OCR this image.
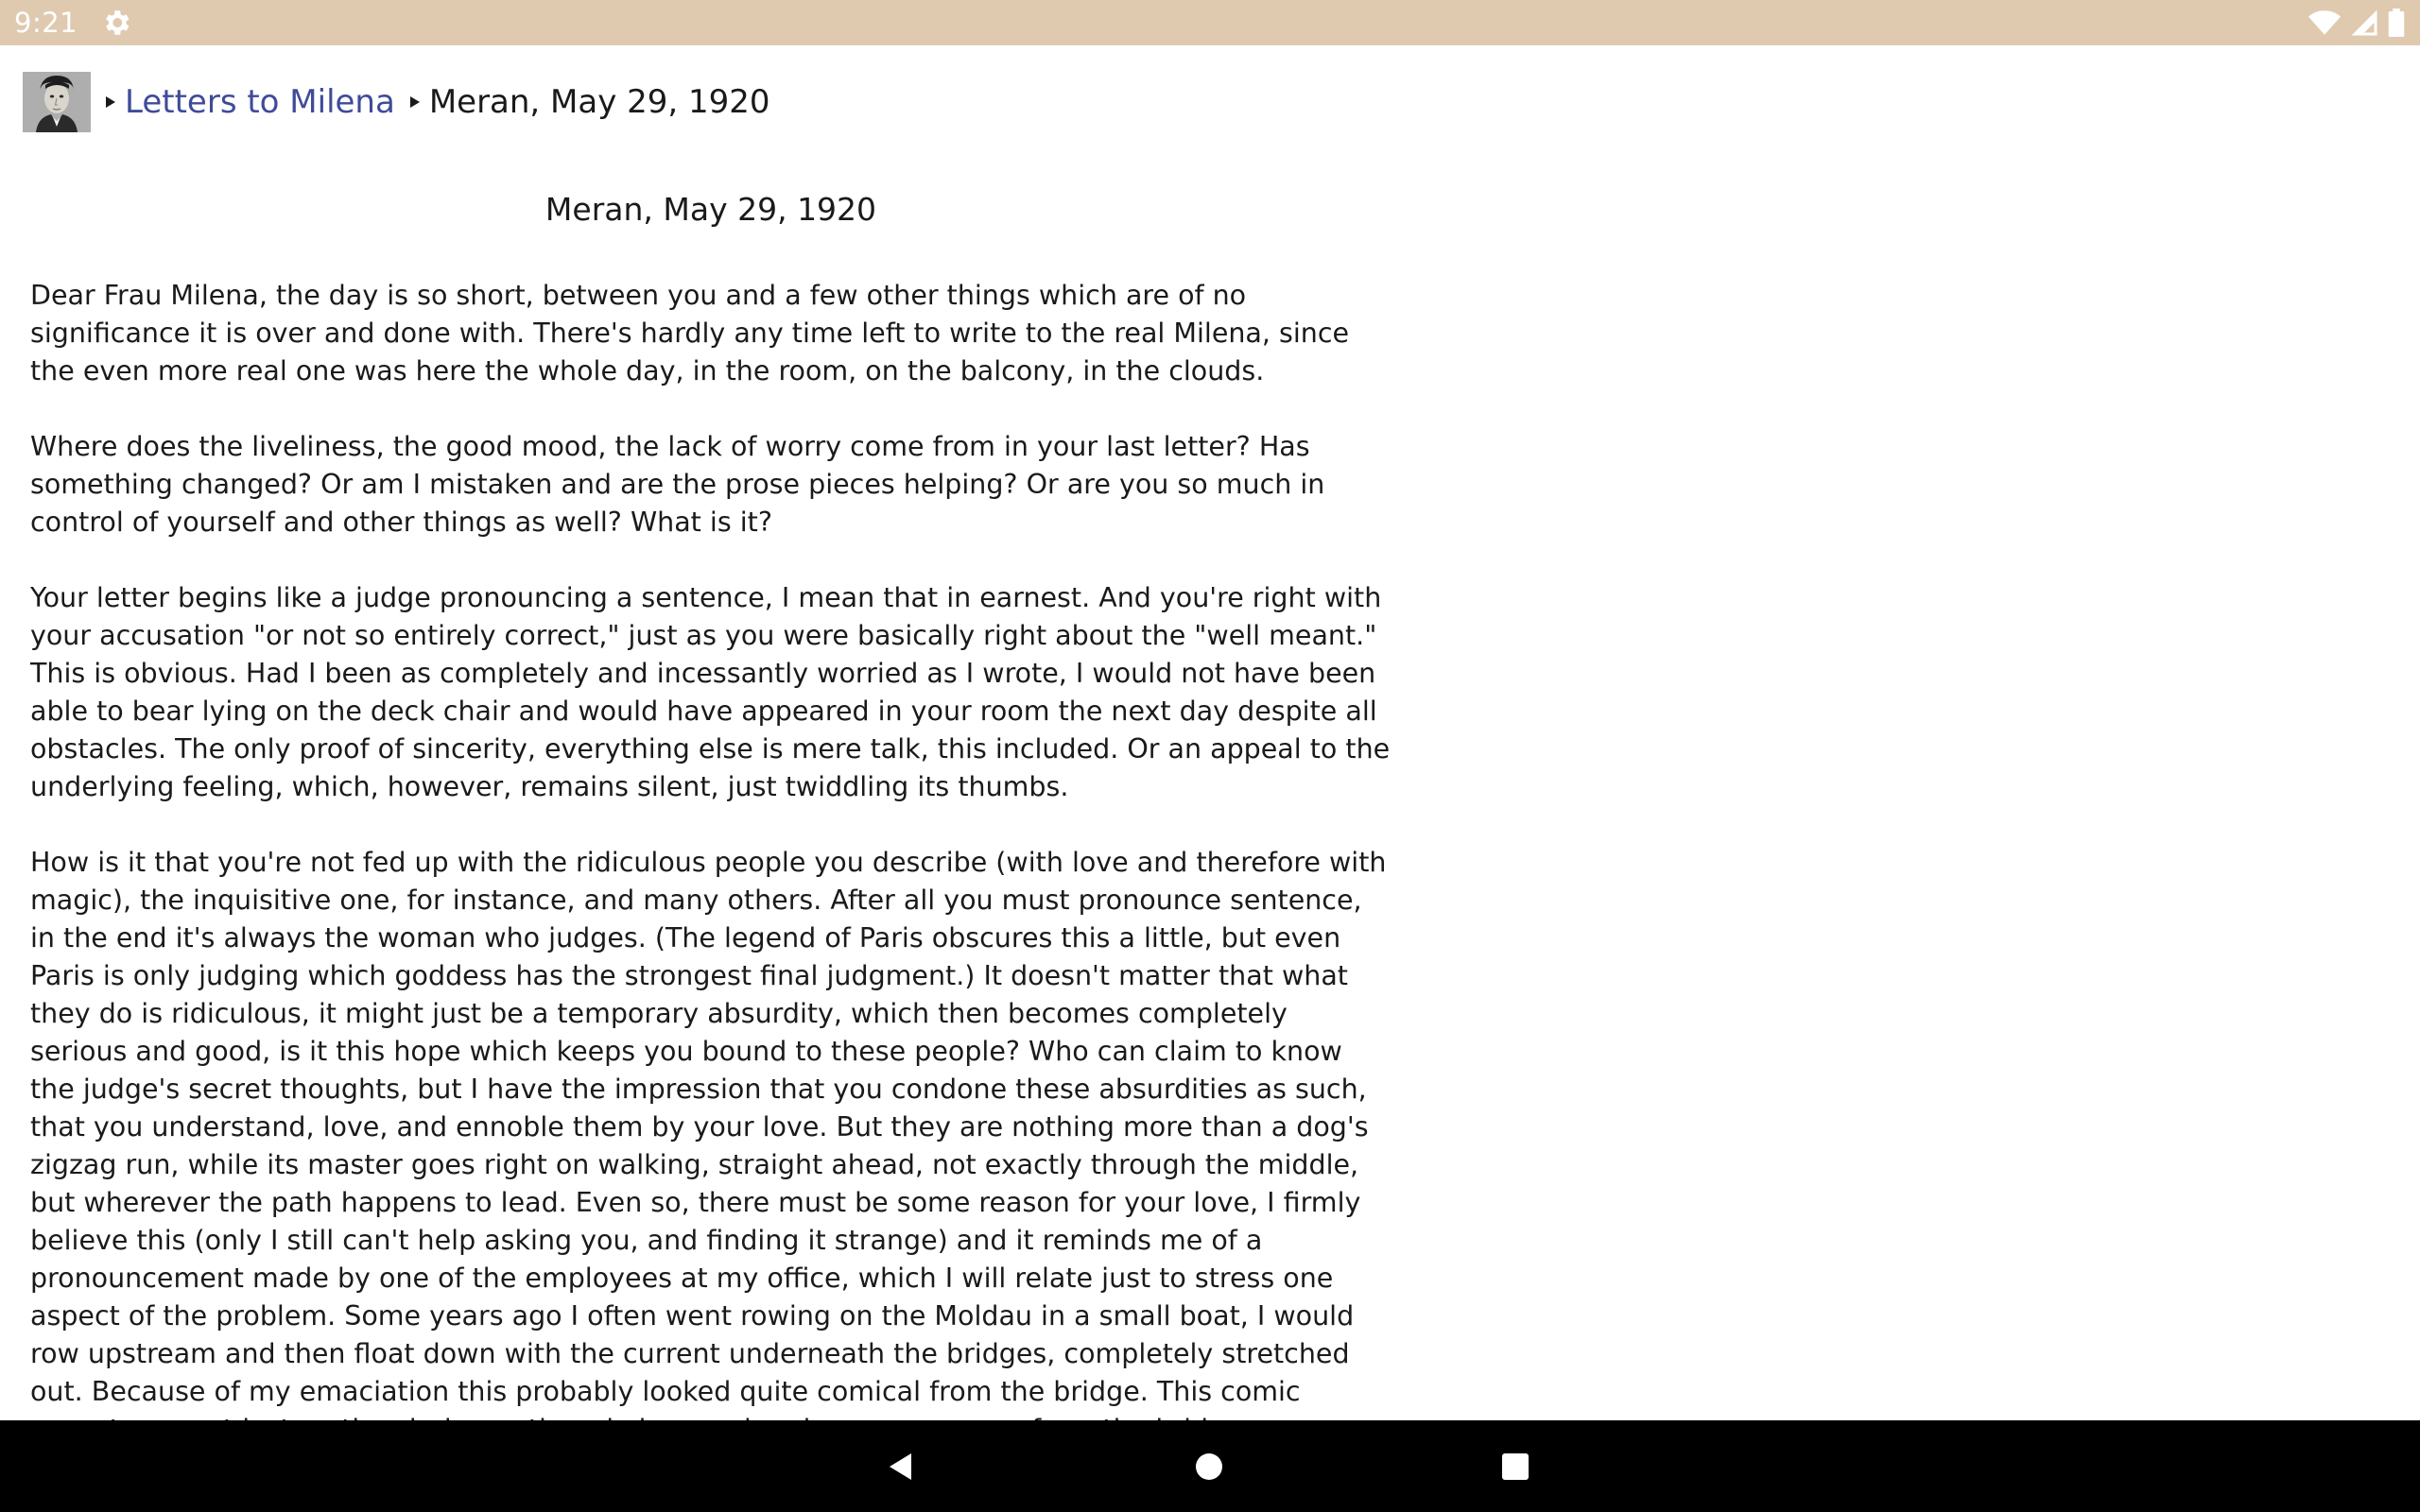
9:21
Letters to Milena Meran, May 29, 1920
Meran, May 29, 1920

Dear Frau Milena, the day is so short, between you and a few other things which are of no significance it is over and done with. There's hardly any time left to write to the real Milena, since the even more real one was here the whole day, in the room, on the balcony, in the clouds.

Where does the liveliness, the good mood, the lack of worry come from in your last letter? Has something changed? Or am I mistaken and are the prose pieces helping? Or are you so much in control of yourself and other things as well? What is it?

Your letter begins like a judge pronouncing a sentence, I mean that in earnest. And you're right with your accusation "or not so entirely correct," just as you were basically right about the "well meant." This is obvious. Had I been as completely and incessantly worried as I wrote, I would not have been able to bear lying on the deck chair and would have appeared in your room the next day despite all obstacles. The only proof of sincerity, everything else is mere talk, this included. Or an appeal to the underlying feeling, which, however, remains silent, just twiddling its thumbs.

How is it that you're not fed up with the ridiculous people you describe (with love and therefore with magic), the inquisitive one, for instance, and many others. After all you must pronounce sentence, in the end it's always the woman who judges. (The legend of Paris obscures this a little, but even Paris is only judging which goddess has the strongest final judgment.) It doesn't matter that what they do is ridiculous, it might just be a temporary absurdity, which then becomes completely serious and good, is it this hope which keeps you bound to these people? Who can claim to know the judge's secret thoughts, but I have the impression that you condone these absurdities as such, that you understand, love, and ennoble them by your love. But they are nothing more than a dog's zigzag run, while its master goes right on walking, straight ahead, not exactly through the middle, but wherever the path happens to lead. Even so, there must be some reason for your love, I firmly believe this (only I still can't help asking you, and finding it strange) and it reminds me of a pronouncement made by one of the employees at my office, which I will relate just to stress one aspect of the problem. Some years ago I often went rowing on the Moldau in a small boat, I would row upstream and then float down with the current underneath the bridges, completely stretched out. Because of my emaciation this probably looked quite comical from the bridge. This comic
